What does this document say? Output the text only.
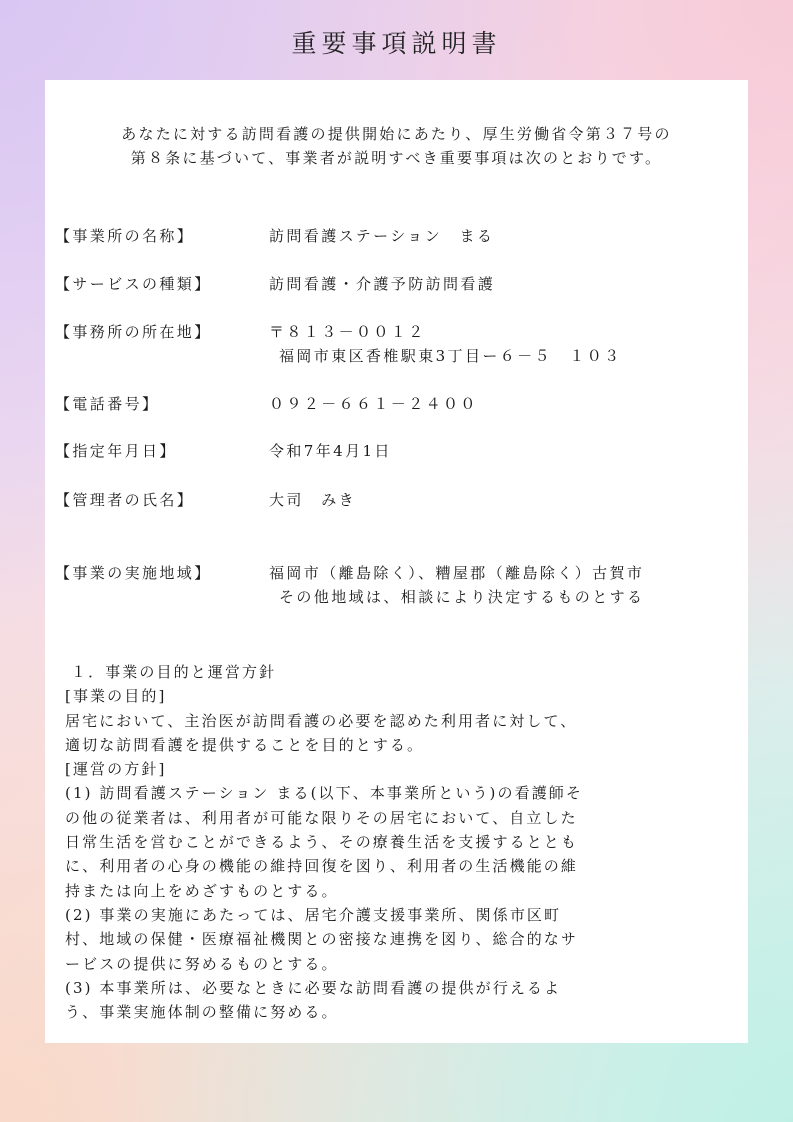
重要事項説明書

あなたに対する訪問看護の提供開始にあたり、厚生労働省令第３７号の
第８条に基づいて、事業者が説明すべき重要事項は次のとおりです。

【事業所の名称】	訪問看護ステーション　まる
【サービスの種類】	訪問看護・介護予防訪問看護
【事務所の所在地】	〒８１３－００１２
福岡市東区香椎駅東3丁目ー６－５　１０３
【電話番号】	０９２－６６１－２４００
【指定年月日】	令和7年4月1日
【管理者の氏名】	大司　みき
【事業の実施地域】	福岡市（離島除く）、糟屋郡（離島除く）古賀市
その他地域は、相談により決定するものとする

１．事業の目的と運営方針

[事業の目的]

居宅において、主治医が訪問看護の必要を認めた利用者に対して、

適切な訪問看護を提供することを目的とする。

[運営の方針]

(1) 訪問看護ステーション まる(以下、本事業所という)の看護師そ

の他の従業者は、利用者が可能な限りその居宅において、自立した

日常生活を営むことができるよう、その療養生活を支援するととも

に、利用者の心身の機能の維持回復を図り、利用者の生活機能の維

持または向上をめざすものとする。

(2) 事業の実施にあたっては、居宅介護支援事業所、関係市区町

村、地域の保健・医療福祉機関との密接な連携を図り、総合的なサ

ービスの提供に努めるものとする。

(3) 本事業所は、必要なときに必要な訪問看護の提供が行えるよ

う、事業実施体制の整備に努める。
